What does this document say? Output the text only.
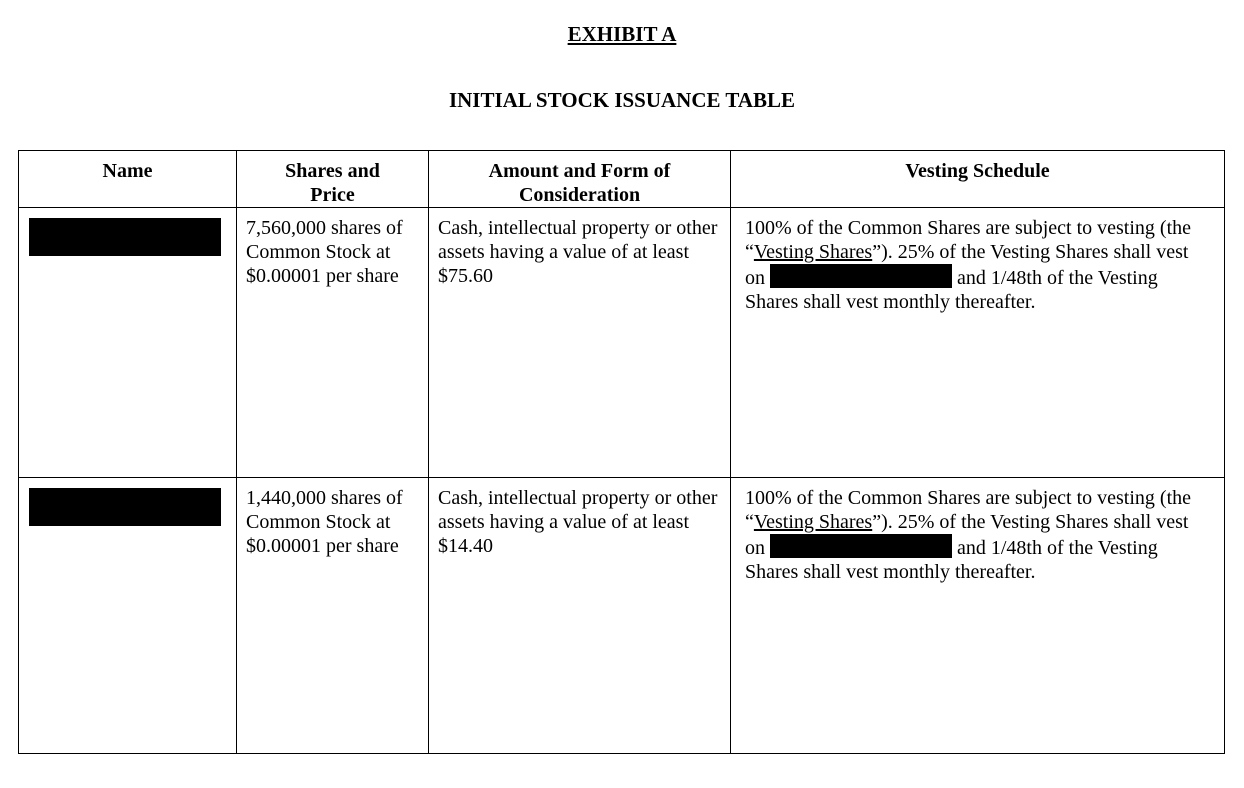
EXHIBIT A
INITIAL STOCK ISSUANCE TABLE
Name	Shares and Price	Amount and Form of Consideration	Vesting Schedule

	7,560,000 shares of Common Stock at $0.00001 per share	Cash, intellectual property or other assets having a value of at least $75.60	100% of the Common Shares are subject to vesting (the “Vesting Shares”). 25% of the Vesting Shares shall vest on and 1/48th of the Vesting Shares shall vest monthly thereafter.

	1,440,000 shares of Common Stock at $0.00001 per share	Cash, intellectual property or other assets having a value of at least $14.40	100% of the Common Shares are subject to vesting (the “Vesting Shares”). 25% of the Vesting Shares shall vest on and 1/48th of the Vesting Shares shall vest monthly thereafter.
